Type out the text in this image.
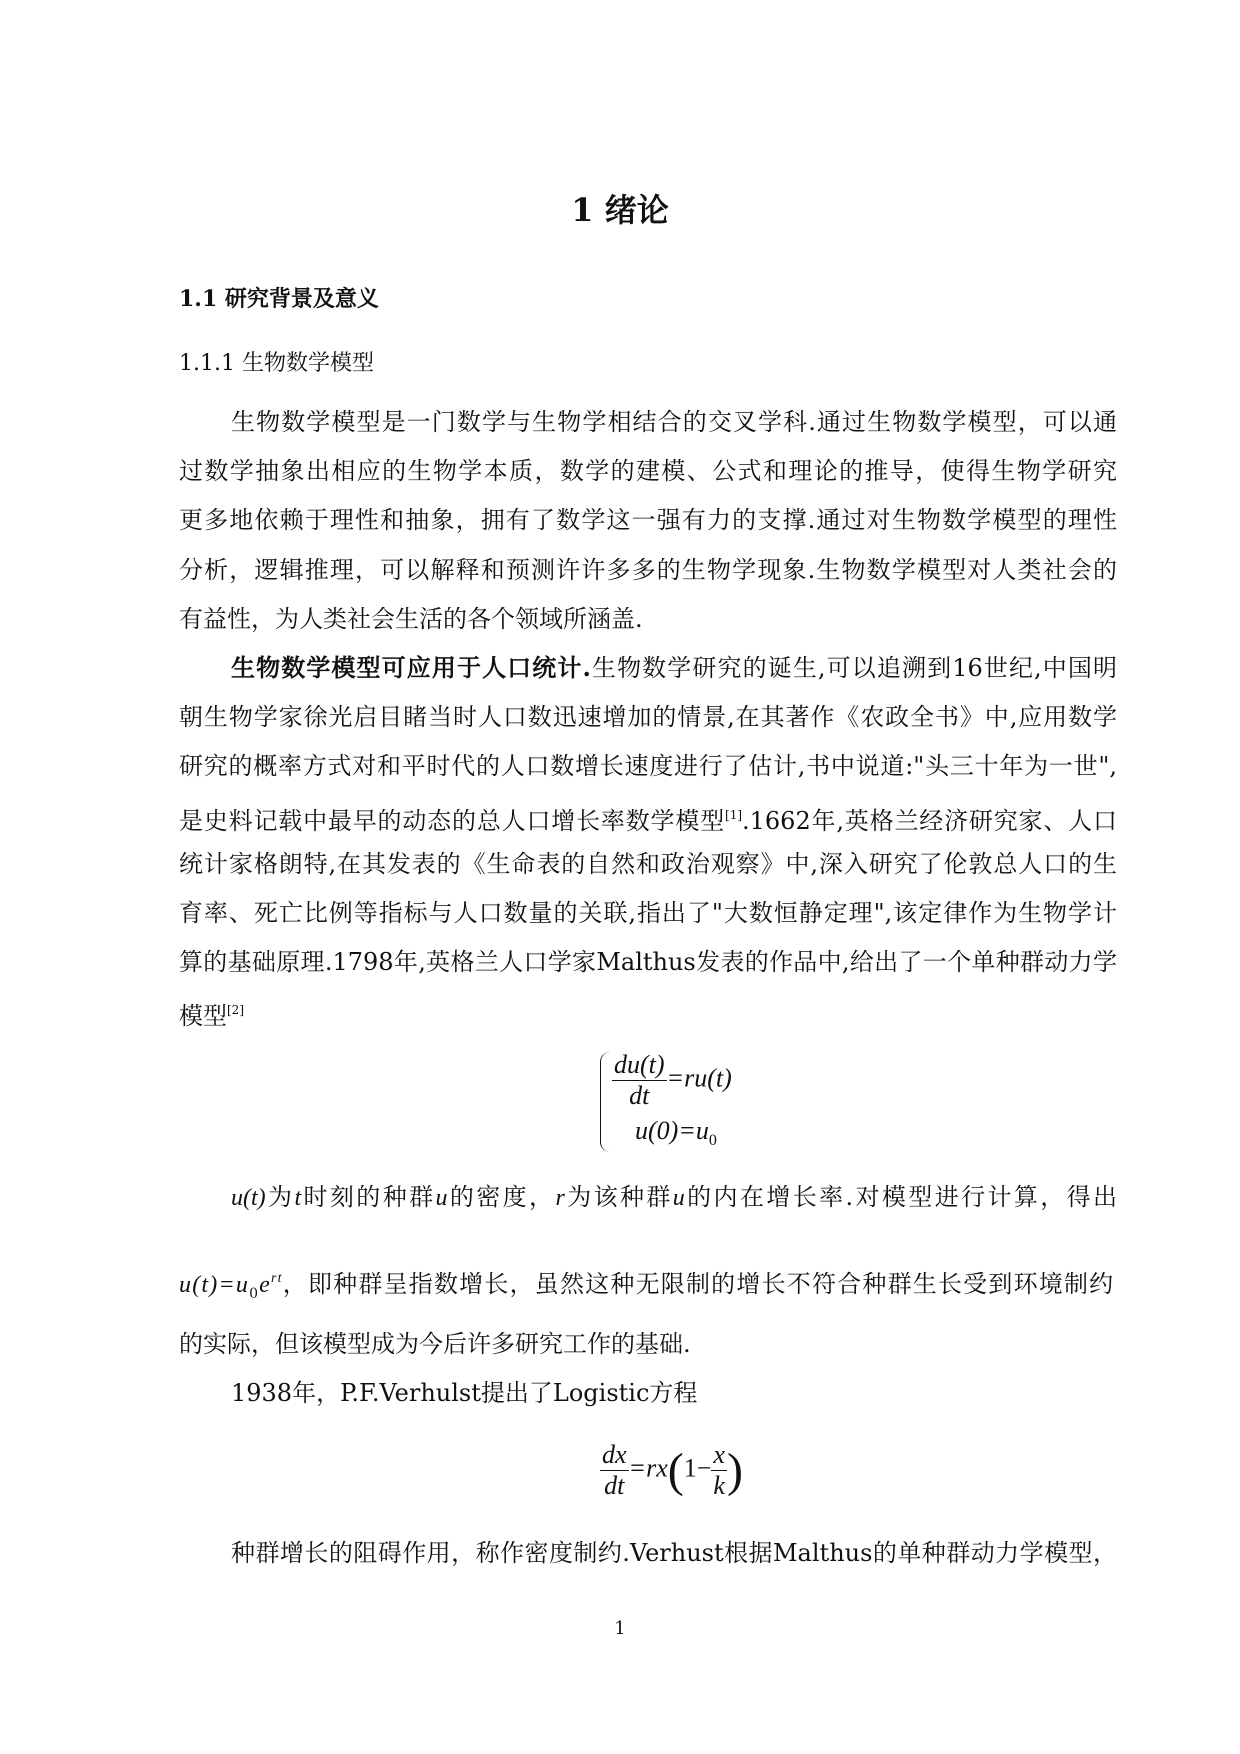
1 绪论
1.1 研究背景及意义
1.1.1 生物数学模型
生物数学模型是一门数学与生物学相结合的交叉学科.通过生物数学模型，可以通
过数学抽象出相应的生物学本质，数学的建模、公式和理论的推导，使得生物学研究
更多地依赖于理性和抽象，拥有了数学这一强有力的支撑.通过对生物数学模型的理性
分析，逻辑推理，可以解释和预测许许多多的生物学现象.生物数学模型对人类社会的
有益性，为人类社会生活的各个领域所涵盖.
生物数学模型可应用于人口统计.生物数学研究的诞生,可以追溯到16世纪,中国明
朝生物学家徐光启目睹当时人口数迅速增加的情景,在其著作《农政全书》中,应用数学
研究的概率方式对和平时代的人口数增长速度进行了估计,书中说道:"头三十年为一世",
是史料记载中最早的动态的总人口增长率数学模型[1].1662年,英格兰经济研究家、人口
统计家格朗特,在其发表的《生命表的自然和政治观察》中,深入研究了伦敦总人口的生
育率、死亡比例等指标与人口数量的关联,指出了"大数恒静定理",该定律作为生物学计
算的基础原理.1798年,英格兰人口学家Malthus发表的作品中,给出了一个单种群动力学
模型[2]
$\frac{du(t)}{dt} =ru(t)$
$u(0)=u_0$
u(t)为t时刻的种群u的密度，r为该种群u的内在增长率.对模型进行计算，得出
$u(t)=u_0e^{rt}$，即种群呈指数增长，虽然这种无限制的增长不符合种群生长受到环境制约
的实际，但该模型成为今后许多研究工作的基础.
1938年，P.F.Verhulst提出了Logistic方程
$\frac{dx}{dt} =rx(1- \frac{x}{k}$ )
种群增长的阻碍作用，称作密度制约.Verhust根据Malthus的单种群动力学模型，
1
